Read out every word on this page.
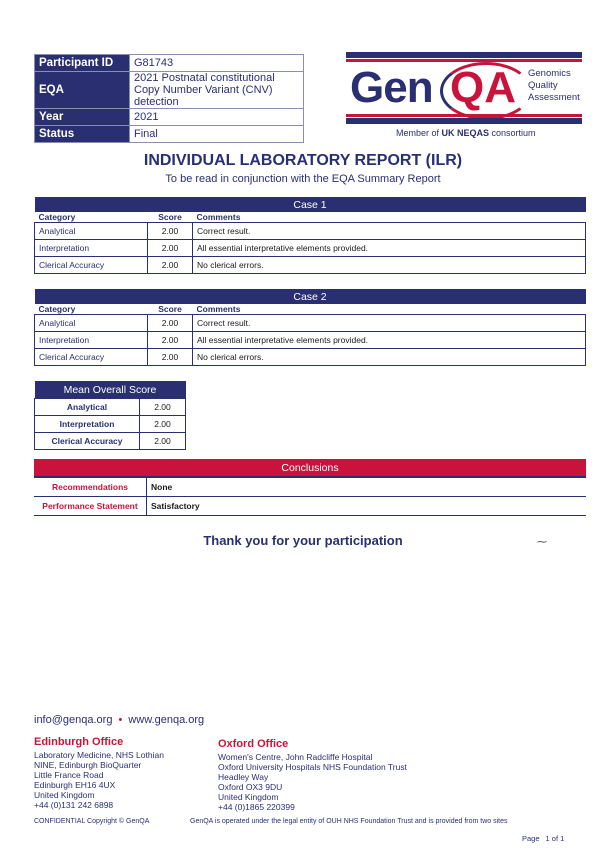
Participant ID	G81743
EQA	2021 Postnatal constitutional Copy Number Variant (CNV) detection
Year	2021
Status	Final
Gen QA Genomics
Quality
Assessment
Member of UK NEQAS consortium
INDIVIDUAL LABORATORY REPORT (ILR)
To be read in conjunction with the EQA Summary Report
Case 1		
Category	Score	Comments
Analytical	2.00	Correct result.
Interpretation	2.00	All essential interpretative elements provided.
Clerical Accuracy	2.00	No clerical errors.
Case 2		
Category	Score	Comments
Analytical	2.00	Correct result.
Interpretation	2.00	All essential interpretative elements provided.
Clerical Accuracy	2.00	No clerical errors.
Mean Overall Score	
Analytical	2.00
Interpretation	2.00
Clerical Accuracy	2.00
Conclusions	
Recommendations	None
Performance Statement	Satisfactory
Thank you for your participation	⁓
info@genqa.org • www.genqa.org
Edinburgh Office
Laboratory Medicine, NHS Lothian
NINE, Edinburgh BioQuarter
Little France Road
Edinburgh EH16 4UX
United Kingdom
+44 (0)131 242 6898
Oxford Office
Women's Centre, John Radcliffe Hospital
Oxford University Hospitals NHS Foundation Trust
Headley Way
Oxford OX3 9DU
United Kingdom
+44 (0)1865 220399
CONFIDENTIAL Copyright © GenQA	GenQA is operated under the legal entity of OUH NHS Foundation Trust and is provided from two sites
Page 1 of 1
